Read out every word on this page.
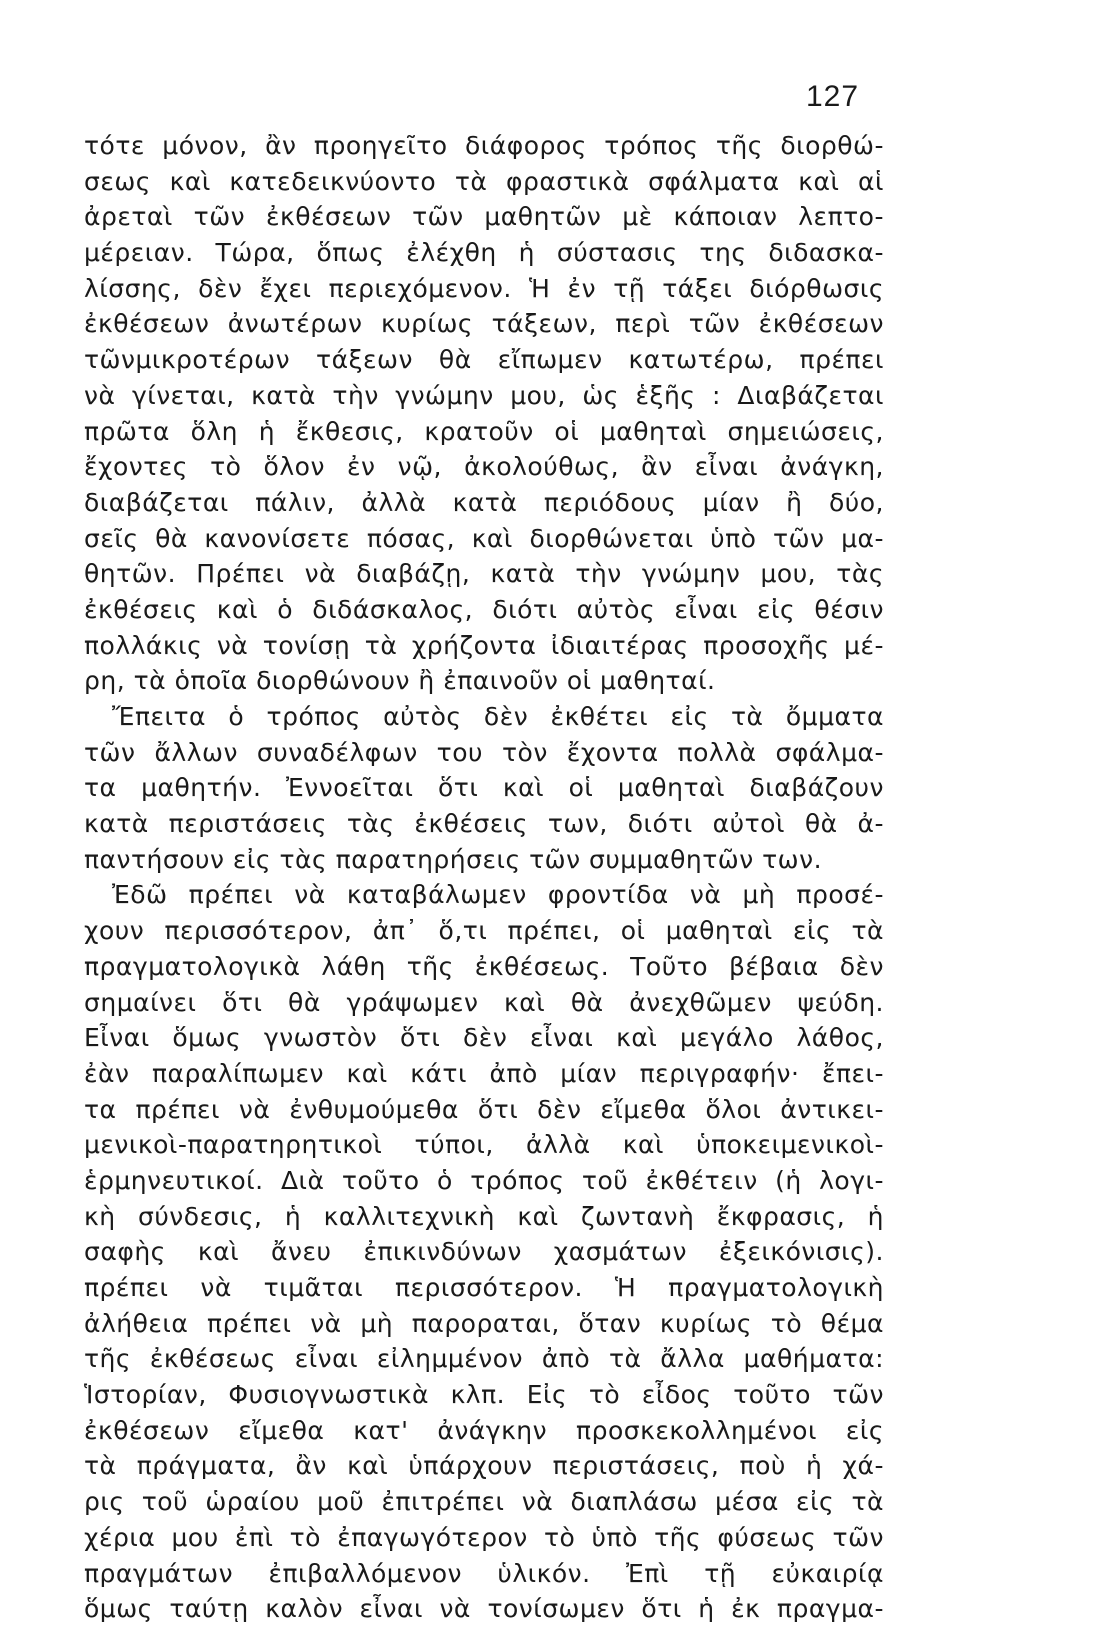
127
τότε μόνον, ἂν προηγεῖτο διάφορος τρόπος τῆς διορθώ-
σεως καὶ κατεδεικνύοντο τὰ φραστικὰ σφάλματα καὶ αἱ
ἀρεταὶ τῶν ἐκθέσεων τῶν μαθητῶν μὲ κάποιαν λεπτο-
μέρειαν. Τώρα, ὅπως ἐλέχθη ἡ σύστασις της διδασκα-
λίσσης, δὲν ἔχει περιεχόμενον. Ἡ ἐν τῇ τάξει διόρθωσις
ἐκθέσεων ἀνωτέρων κυρίως τάξεων, περὶ τῶν ἐκθέσεων
τῶνμικροτέρων τάξεων θὰ εἴπωμεν κατωτέρω, πρέπει
νὰ γίνεται, κατὰ τὴν γνώμην μου, ὡς ἑξῆς : Διαβάζεται
πρῶτα ὅλη ἡ ἔκθεσις, κρατοῦν οἱ μαθηταὶ σημειώσεις,
ἔχοντες τὸ ὅλον ἐν νῷ, ἀκολούθως, ἂν εἶναι ἀνάγκη,
διαβάζεται πάλιν, ἀλλὰ κατὰ περιόδους μίαν ἢ δύο,
σεῖς θὰ κανονίσετε πόσας, καὶ διορθώνεται ὑπὸ τῶν μα-
θητῶν. Πρέπει νὰ διαβάζῃ, κατὰ τὴν γνώμην μου, τὰς
ἐκθέσεις καὶ ὁ διδάσκαλος, διότι αὐτὸς εἶναι εἰς θέσιν
πολλάκις νὰ τονίσῃ τὰ χρήζοντα ἰδιαιτέρας προσοχῆς μέ-
ρη, τὰ ὁποῖα διορθώνουν ἢ ἐπαινοῦν οἱ μαθηταί.
Ἔπειτα ὁ τρόπος αὐτὸς δὲν ἐκθέτει εἰς τὰ ὄμματα
τῶν ἄλλων συναδέλφων του τὸν ἔχοντα πολλὰ σφάλμα-
τα μαθητήν. Ἐννοεῖται ὅτι καὶ οἱ μαθηταὶ διαβάζουν
κατὰ περιστάσεις τὰς ἐκθέσεις των, διότι αὐτοὶ θὰ ἀ-
παντήσουν εἰς τὰς παρατηρήσεις τῶν συμμαθητῶν των.
Ἐδῶ πρέπει νὰ καταβάλωμεν φροντίδα νὰ μὴ προσέ-
χουν περισσότερον, ἀπ᾽ ὅ,τι πρέπει, οἱ μαθηταὶ εἰς τὰ
πραγματολογικὰ λάθη τῆς ἐκθέσεως. Τοῦτο βέβαια δὲν
σημαίνει ὅτι θὰ γράψωμεν καὶ θὰ ἀνεχθῶμεν ψεύδη.
Εἶναι ὅμως γνωστὸν ὅτι δὲν εἶναι καὶ μεγάλο λάθος,
ἐὰν παραλίπωμεν καὶ κάτι ἀπὸ μίαν περιγραφήν· ἔπει-
τα πρέπει νὰ ἐνθυμούμεθα ὅτι δὲν εἴμεθα ὅλοι ἀντικει-
μενικοὶ-παρατηρητικοὶ τύποι, ἀλλὰ καὶ ὑποκειμενικοὶ-
ἑρμηνευτικοί. Διὰ τοῦτο ὁ τρόπος τοῦ ἐκθέτειν (ἡ λογι-
κὴ σύνδεσις, ἡ καλλιτεχνικὴ καὶ ζωντανὴ ἔκφρασις, ἡ
σαφὴς καὶ ἄνευ ἐπικινδύνων χασμάτων ἐξεικόνισις).
πρέπει νὰ τιμᾶται περισσότερον. Ἡ πραγματολογικὴ
ἀλήθεια πρέπει νὰ μὴ παροραται, ὅταν κυρίως τὸ θέμα
τῆς ἐκθέσεως εἶναι εἰλημμένον ἀπὸ τὰ ἄλλα μαθήματα:
Ἱστορίαν, Φυσιογνωστικὰ κλπ. Εἰς τὸ εἶδος τοῦτο τῶν
ἐκθέσεων εἴμεθα κατ' ἀνάγκην προσκεκολλημένοι εἰς
τὰ πράγματα, ἂν καὶ ὑπάρχουν περιστάσεις, ποὺ ἡ χά-
ρις τοῦ ὡραίου μοῦ ἐπιτρέπει νὰ διαπλάσω μέσα εἰς τὰ
χέρια μου ἐπὶ τὸ ἐπαγωγότερον τὸ ὑπὸ τῆς φύσεως τῶν
πραγμάτων ἐπιβαλλόμενον ὑλικόν. Ἐπὶ τῇ εὐκαιρίᾳ
ὅμως ταύτῃ καλὸν εἶναι νὰ τονίσωμεν ὅτι ἡ ἐκ πραγμα-
